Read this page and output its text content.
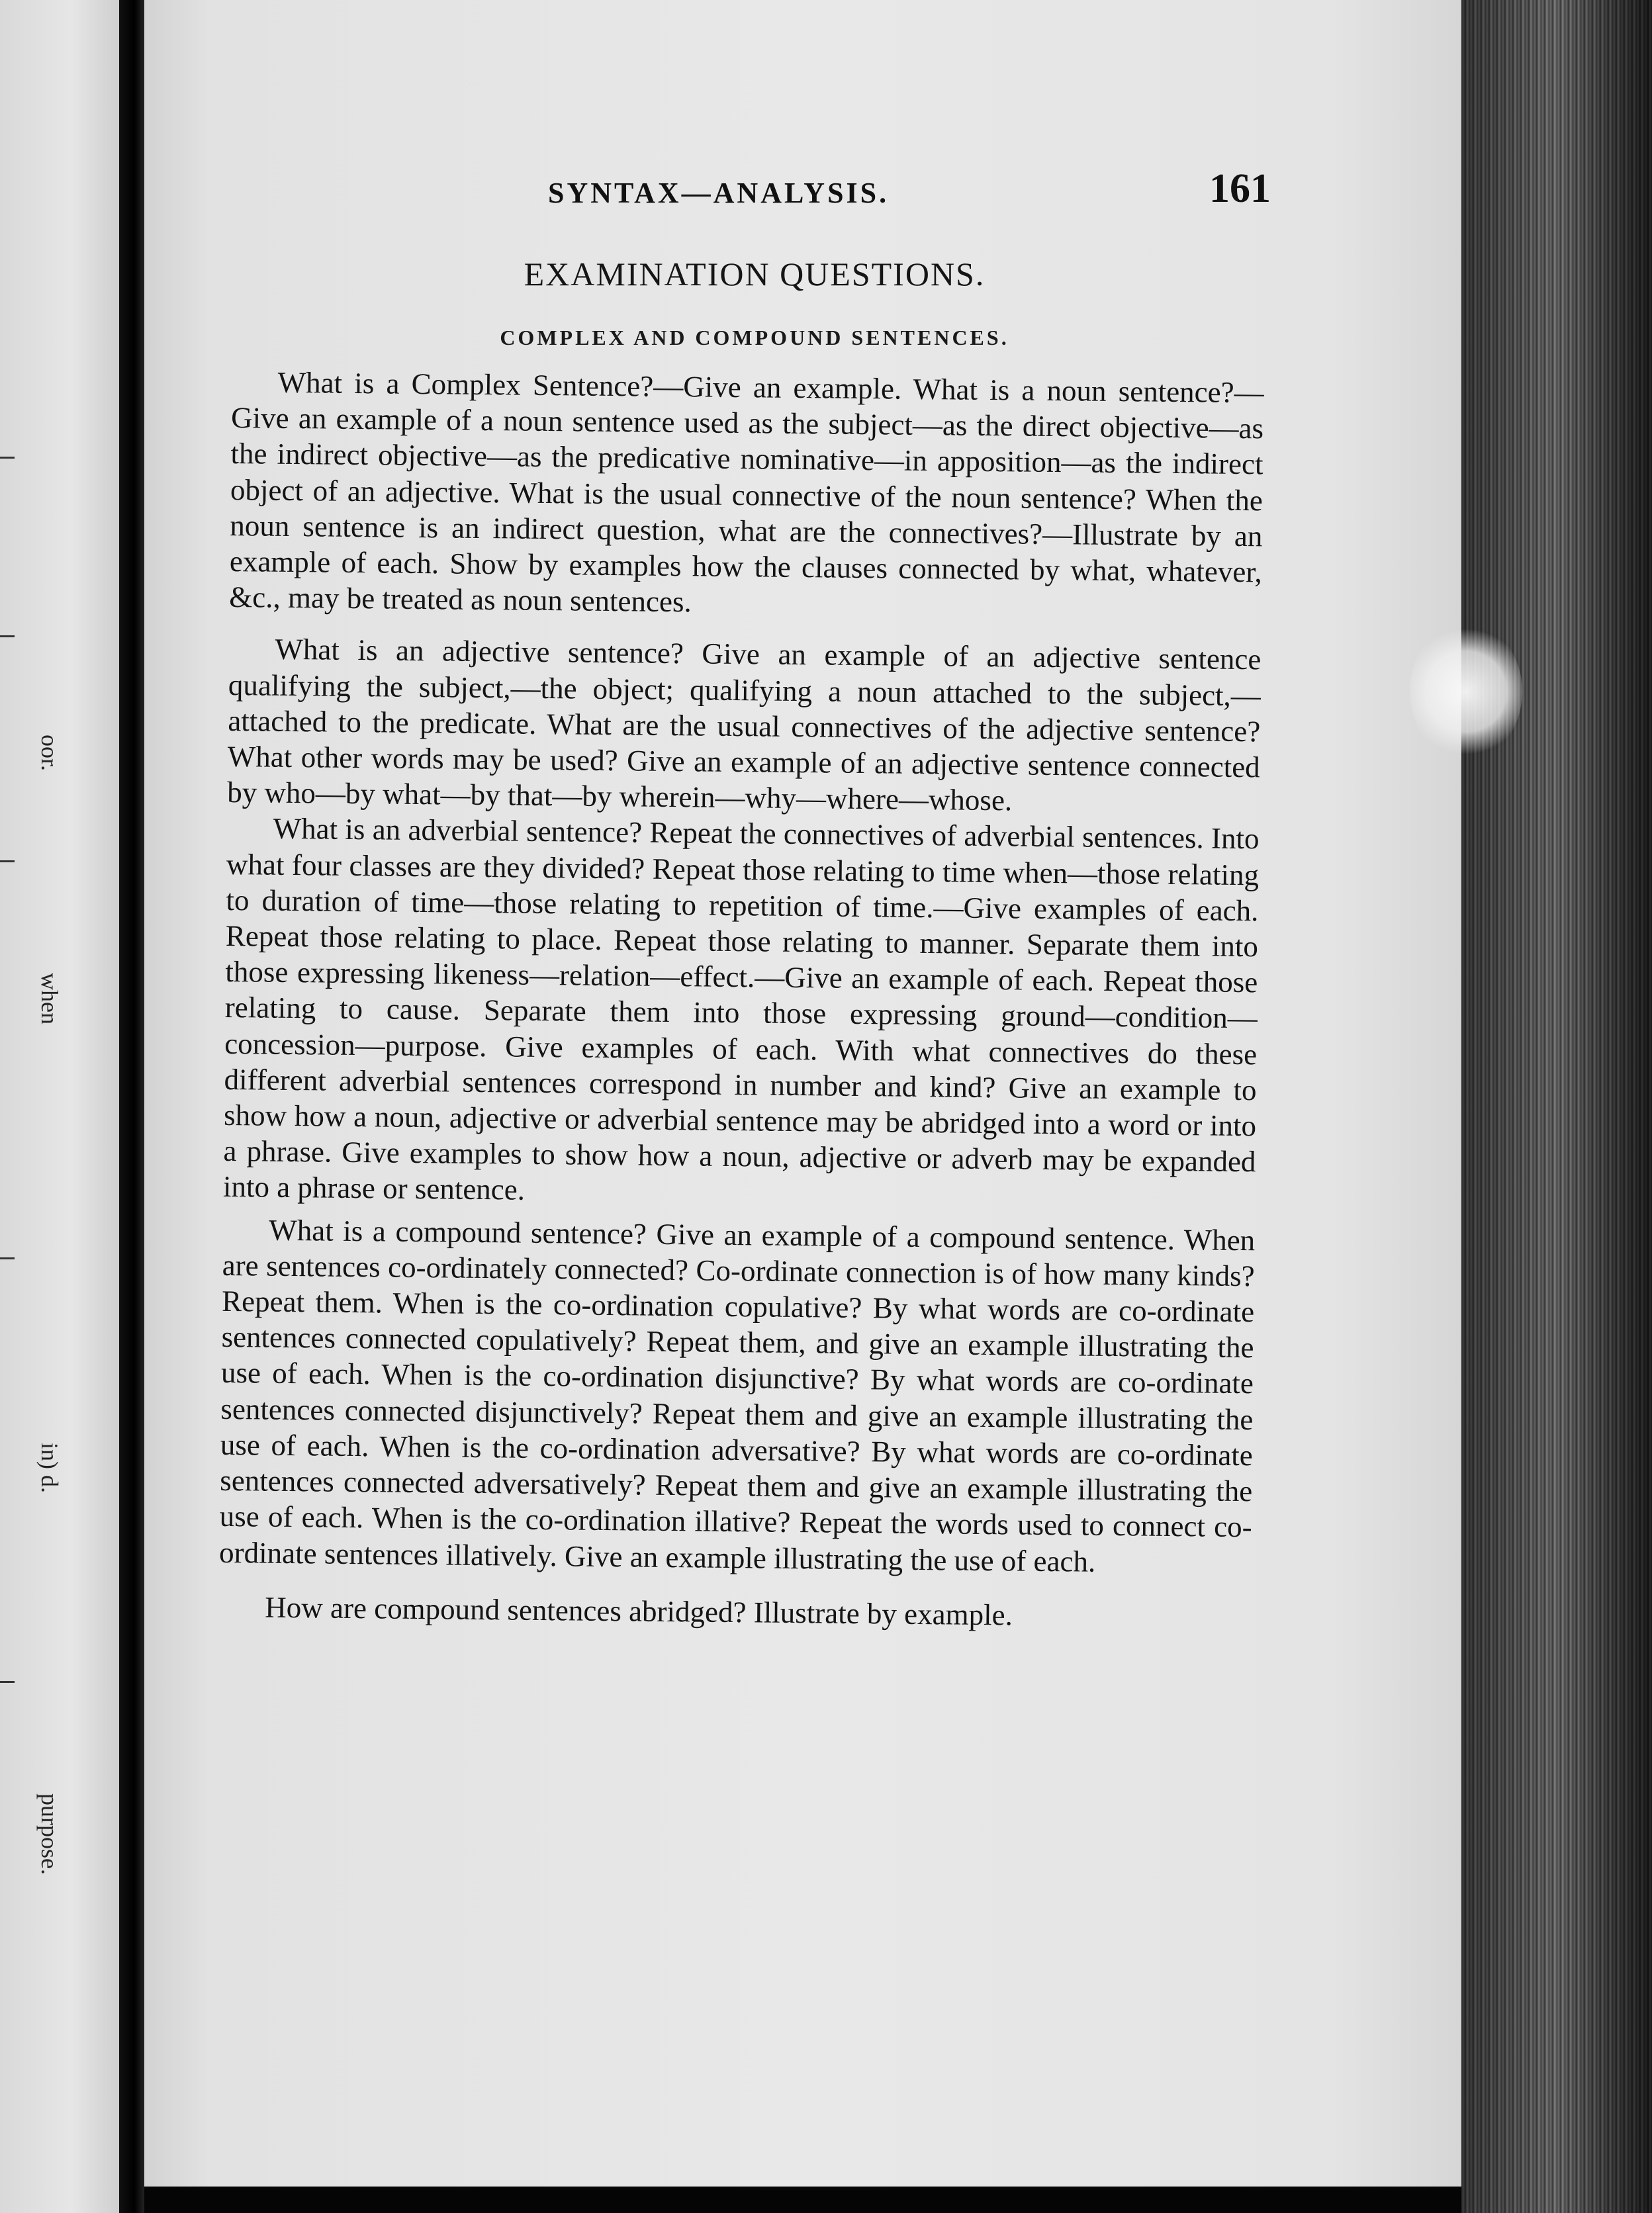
oor.
when
in) d.
purpose.
SYNTAX—ANALYSIS.	161
EXAMINATION QUESTIONS.
COMPLEX AND COMPOUND SENTENCES.

What is a Complex Sentence?—Give an example. What is a noun sentence?—Give an example of a noun sentence used as the subject—as the direct objective—as the indirect objective—as the predicative nominative—in apposition—as the indirect object of an adjective. What is the usual connective of the noun sentence? When the noun sentence is an indirect question, what are the connectives?—Illustrate by an example of each. Show by examples how the clauses connected by what, whatever, &c., may be treated as noun sentences.

What is an adjective sentence? Give an example of an adjective sentence qualifying the subject,—the object; qualifying a noun attached to the subject,—attached to the predicate. What are the usual connectives of the adjective sentence? What other words may be used? Give an example of an adjective sentence connected by who—by what—by that—by wherein—why—where—whose.

What is an adverbial sentence? Repeat the connectives of adverbial sentences. Into what four classes are they divided? Repeat those relating to time when—those relating to duration of time—those relating to repetition of time.—Give examples of each. Repeat those relating to place. Repeat those relating to manner. Separate them into those expressing likeness—relation—effect.—Give an example of each. Repeat those relating to cause. Separate them into those expressing ground—condition—concession—purpose. Give examples of each. With what connectives do these different adverbial sentences correspond in number and kind? Give an example to show how a noun, adjective or adverbial sentence may be abridged into a word or into a phrase. Give examples to show how a noun, adjective or adverb may be expanded into a phrase or sentence.

What is a compound sentence? Give an example of a compound sentence. When are sentences co-ordinately connected? Co-ordinate connection is of how many kinds? Repeat them. When is the co-ordination copulative? By what words are co-ordinate sentences connected copulatively? Repeat them, and give an example illustrating the use of each. When is the co-ordination disjunctive? By what words are co-ordinate sentences connected disjunctively? Repeat them and give an example illustrating the use of each. When is the co-ordination adversative? By what words are co-ordinate sentences connected adversatively? Repeat them and give an example illustrating the use of each. When is the co-ordination illative? Repeat the words used to connect co-ordinate sentences illatively. Give an example illustrating the use of each.

How are compound sentences abridged? Illustrate by example.
